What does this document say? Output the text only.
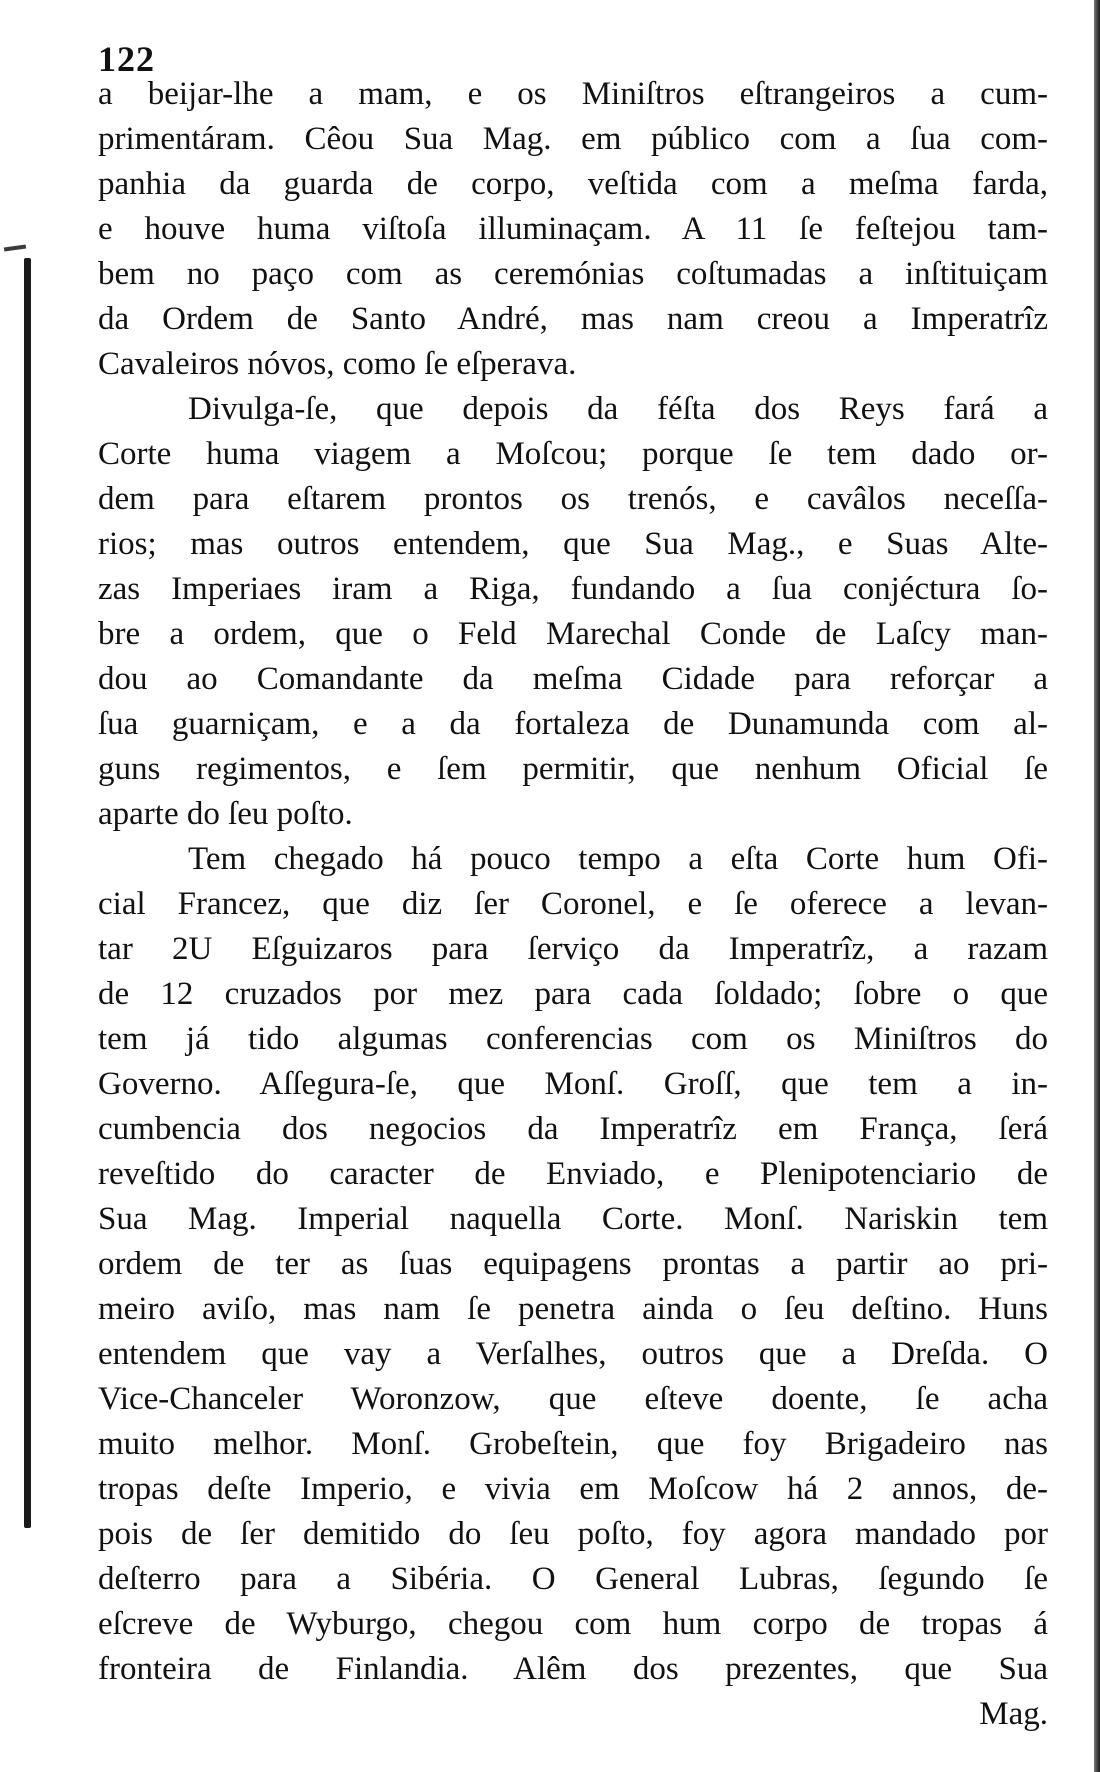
122
a beijar-lhe a mam, e os Miniſtros eſtrangeiros a cum-
primentáram. Cêou Sua Mag. em público com a ſua com-
panhia da guarda de corpo, veſtida com a meſma farda,
e houve huma viſtoſa illuminaçam. A 11 ſe feſtejou tam-
bem no paço com as ceremónias coſtumadas a inſtituiçam
da Ordem de Santo André, mas nam creou a Imperatrîz
Cavaleiros nóvos, como ſe eſperava.
Divulga-ſe, que depois da féſta dos Reys fará a
Corte huma viagem a Moſcou; porque ſe tem dado or-
dem para eſtarem prontos os trenós, e cavâlos neceſſa-
rios; mas outros entendem, que Sua Mag., e Suas Alte-
zas Imperiaes iram a Riga, fundando a ſua conjéctura ſo-
bre a ordem, que o Feld Marechal Conde de Laſcy man-
dou ao Comandante da meſma Cidade para reforçar a
ſua guarniçam, e a da fortaleza de Dunamunda com al-
guns regimentos, e ſem permitir, que nenhum Oficial ſe
aparte do ſeu poſto.
Tem chegado há pouco tempo a eſta Corte hum Ofi-
cial Francez, que diz ſer Coronel, e ſe oferece a levan-
tar 2U Eſguizaros para ſerviço da Imperatrîz, a razam
de 12 cruzados por mez para cada ſoldado; ſobre o que
tem já tido algumas conferencias com os Miniſtros do
Governo. Aſſegura-ſe, que Monſ. Groſſ, que tem a in-
cumbencia dos negocios da Imperatrîz em França, ſerá
reveſtido do caracter de Enviado, e Plenipotenciario de
Sua Mag. Imperial naquella Corte. Monſ. Nariskin tem
ordem de ter as ſuas equipagens prontas a partir ao pri-
meiro aviſo, mas nam ſe penetra ainda o ſeu deſtino. Huns
entendem que vay a Verſalhes, outros que a Dreſda. O
Vice-Chanceler Woronzow, que eſteve doente, ſe acha
muito melhor. Monſ. Grobeſtein, que foy Brigadeiro nas
tropas deſte Imperio, e vivia em Moſcow há 2 annos, de-
pois de ſer demitido do ſeu poſto, foy agora mandado por
deſterro para a Sibéria. O General Lubras, ſegundo ſe
eſcreve de Wyburgo, chegou com hum corpo de tropas á
fronteira de Finlandia. Alêm dos prezentes, que Sua
Mag.
